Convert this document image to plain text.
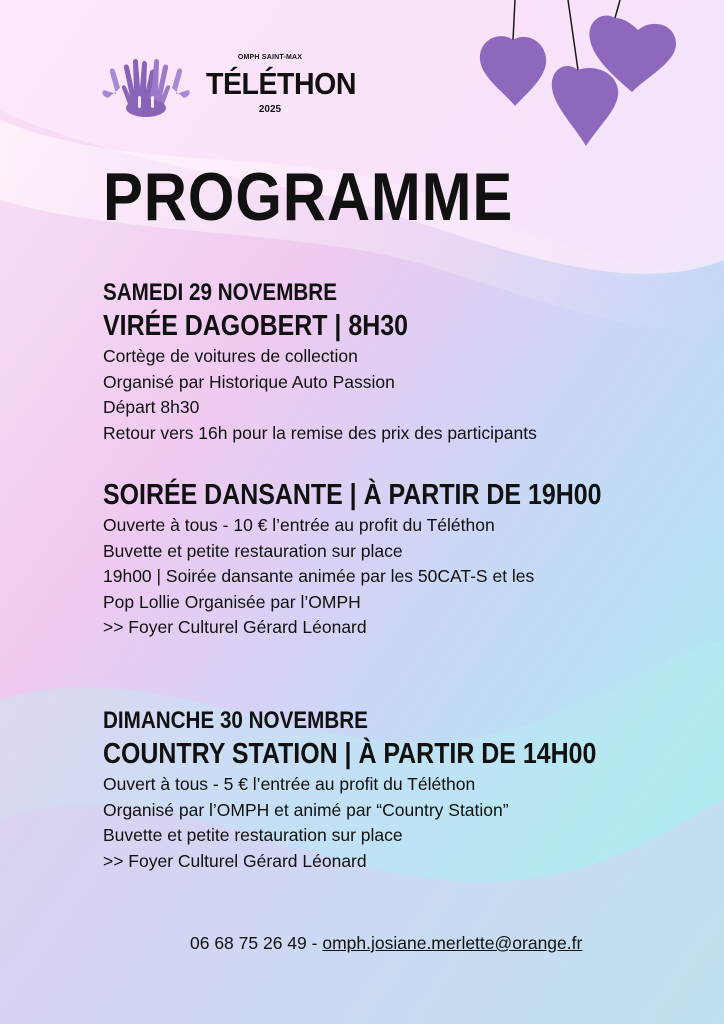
OMPH SAINT-MAX
TÉLÉTHON
2025
PROGRAMME
SAMEDI 29 NOVEMBRE
VIRÉE DAGOBERT | 8H30
Cortège de voitures de collection
Organisé par Historique Auto Passion
Départ 8h30
Retour vers 16h pour la remise des prix des participants
SOIRÉE DANSANTE | À PARTIR DE 19H00
Ouverte à tous - 10 € l’entrée au profit du Téléthon
Buvette et petite restauration sur place
19h00 | Soirée dansante animée par les 50CAT-S et les
Pop Lollie Organisée par l’OMPH
>> Foyer Culturel Gérard Léonard
DIMANCHE 30 NOVEMBRE
COUNTRY STATION | À PARTIR DE 14H00
Ouvert à tous - 5 € l’entrée au profit du Téléthon
Organisé par l’OMPH et animé par “Country Station”
Buvette et petite restauration sur place
>> Foyer Culturel Gérard Léonard
06 68 75 26 49 - omph.josiane.merlette@orange.fr
